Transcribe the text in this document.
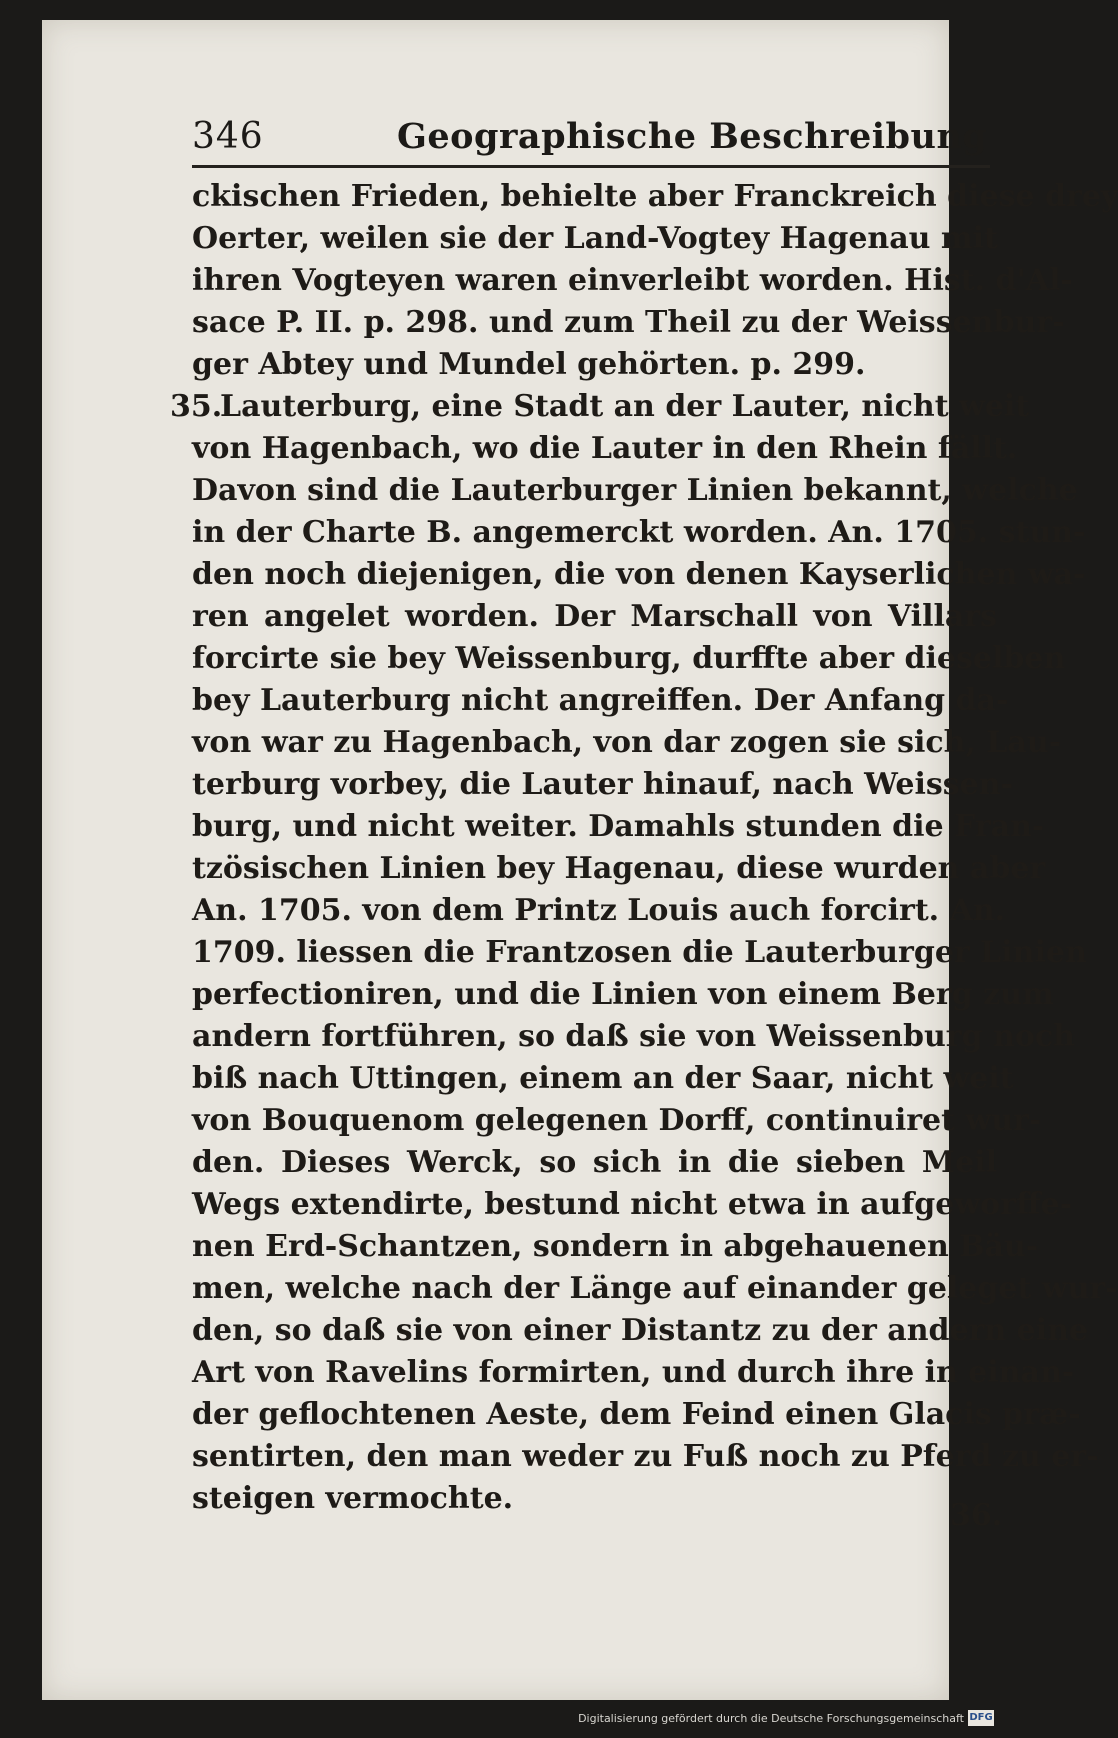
346	Geographische Beschreibung
ckischen Frieden, behielte aber Franckreich diese drey
Oerter, weilen sie der Land-Vogtey Hagenau mit
ihren Vogteyen waren einverleibt worden. Hist. d'Al-
sace P. II. p. 298. und zum Theil zu der Weissenbur-
ger Abtey und Mundel gehörten. p. 299.
35.
Lauterburg, eine Stadt an der Lauter, nicht weit
von Hagenbach, wo die Lauter in den Rhein fällt.
Davon sind die Lauterburger Linien bekannt, welche
in der Charte B. angemerckt worden. An. 1705. stun-
den noch diejenigen, die von denen Kayserlichen wa-
ren angelet worden. Der Marschall von Villars
forcirte sie bey Weissenburg, durffte aber dieselben
bey Lauterburg nicht angreiffen. Der Anfang da-
von war zu Hagenbach, von dar zogen sie sich, Lau-
terburg vorbey, die Lauter hinauf, nach Weissen-
burg, und nicht weiter. Damahls stunden die Fran-
tzösischen Linien bey Hagenau, diese wurden aber
An. 1705. von dem Printz Louis auch forcirt. An.
1709. liessen die Frantzosen die Lauterburger Linien
perfectioniren, und die Linien von einem Berg zum
andern fortführen, so daß sie von Weissenburg noch
biß nach Uttingen, einem an der Saar, nicht weit
von Bouquenom gelegenen Dorff, continuiret wur-
den. Dieses Werck, so sich in die sieben Meil
Wegs extendirte, bestund nicht etwa in aufgeworffe-
nen Erd-Schantzen, sondern in abgehauenen Bäu-
men, welche nach der Länge auf einander geleget wur-
den, so daß sie von einer Distantz zu der andern eine
Art von Ravelins formirten, und durch ihre in einan-
der geflochtenen Aeste, dem Feind einen Glacis præ-
sentirten, den man weder zu Fuß noch zu Pferd zu er-
steigen vermochte.	36.
Digitalisierung gefördert durch die Deutsche Forschungsgemeinschaft DFG
